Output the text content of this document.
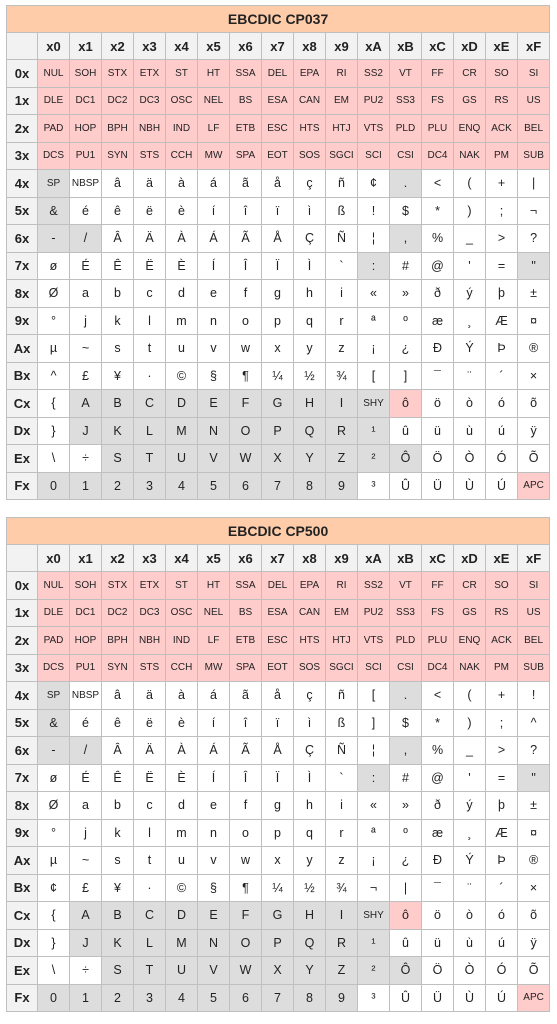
EBCDIC CP037																
	x0	x1	x2	x3	x4	x5	x6	x7	x8	x9	xA	xB	xC	xD	xE	xF
0x	NUL	SOH	STX	ETX	ST	HT	SSA	DEL	EPA	RI	SS2	VT	FF	CR	SO	SI
1x	DLE	DC1	DC2	DC3	OSC	NEL	BS	ESA	CAN	EM	PU2	SS3	FS	GS	RS	US
2x	PAD	HOP	BPH	NBH	IND	LF	ETB	ESC	HTS	HTJ	VTS	PLD	PLU	ENQ	ACK	BEL
3x	DCS	PU1	SYN	STS	CCH	MW	SPA	EOT	SOS	SGCI	SCI	CSI	DC4	NAK	PM	SUB
4x	SP	NBSP	â	ä	à	á	ã	å	ç	ñ	¢	.	<	(	+	|
5x	&	é	ê	ë	è	í	î	ï	ì	ß	!	$	*	)	;	¬
6x	-	/	Â	Ä	À	Á	Ã	Å	Ç	Ñ	¦	,	%	_	>	?
7x	ø	É	Ê	Ë	È	Í	Î	Ï	Ì	`	:	#	@	'	=	"
8x	Ø	a	b	c	d	e	f	g	h	i	«	»	ð	ý	þ	±
9x	°	j	k	l	m	n	o	p	q	r	ª	º	æ	¸	Æ	¤
Ax	µ	~	s	t	u	v	w	x	y	z	¡	¿	Ð	Ý	Þ	®
Bx	^	£	¥	·	©	§	¶	¼	½	¾	[	]	¯	¨	´	×
Cx	{	A	B	C	D	E	F	G	H	I	SHY	ô	ö	ò	ó	õ
Dx	}	J	K	L	M	N	O	P	Q	R	¹	û	ü	ù	ú	ÿ
Ex	\	÷	S	T	U	V	W	X	Y	Z	²	Ô	Ö	Ò	Ó	Õ
Fx	0	1	2	3	4	5	6	7	8	9	³	Û	Ü	Ù	Ú	APC
EBCDIC CP500																
	x0	x1	x2	x3	x4	x5	x6	x7	x8	x9	xA	xB	xC	xD	xE	xF
0x	NUL	SOH	STX	ETX	ST	HT	SSA	DEL	EPA	RI	SS2	VT	FF	CR	SO	SI
1x	DLE	DC1	DC2	DC3	OSC	NEL	BS	ESA	CAN	EM	PU2	SS3	FS	GS	RS	US
2x	PAD	HOP	BPH	NBH	IND	LF	ETB	ESC	HTS	HTJ	VTS	PLD	PLU	ENQ	ACK	BEL
3x	DCS	PU1	SYN	STS	CCH	MW	SPA	EOT	SOS	SGCI	SCI	CSI	DC4	NAK	PM	SUB
4x	SP	NBSP	â	ä	à	á	ã	å	ç	ñ	[	.	<	(	+	!
5x	&	é	ê	ë	è	í	î	ï	ì	ß	]	$	*	)	;	^
6x	-	/	Â	Ä	À	Á	Ã	Å	Ç	Ñ	¦	,	%	_	>	?
7x	ø	É	Ê	Ë	È	Í	Î	Ï	Ì	`	:	#	@	'	=	"
8x	Ø	a	b	c	d	e	f	g	h	i	«	»	ð	ý	þ	±
9x	°	j	k	l	m	n	o	p	q	r	ª	º	æ	¸	Æ	¤
Ax	µ	~	s	t	u	v	w	x	y	z	¡	¿	Ð	Ý	Þ	®
Bx	¢	£	¥	·	©	§	¶	¼	½	¾	¬	|	¯	¨	´	×
Cx	{	A	B	C	D	E	F	G	H	I	SHY	ô	ö	ò	ó	õ
Dx	}	J	K	L	M	N	O	P	Q	R	¹	û	ü	ù	ú	ÿ
Ex	\	÷	S	T	U	V	W	X	Y	Z	²	Ô	Ö	Ò	Ó	Õ
Fx	0	1	2	3	4	5	6	7	8	9	³	Û	Ü	Ù	Ú	APC
